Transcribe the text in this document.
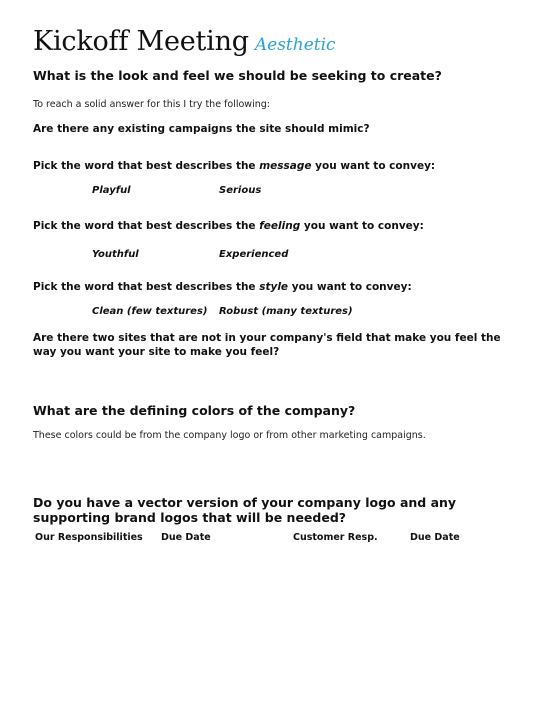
Kickoff Meeting Aesthetic
What is the look and feel we should be seeking to create?
To reach a solid answer for this I try the following:
Are there any existing campaigns the site should mimic?
Pick the word that best describes the message you want to convey:
Playful	Serious
Pick the word that best describes the feeling you want to convey:
Youthful	Experienced
Pick the word that best describes the style you want to convey:
Clean (few textures) Robust (many textures)
Are there two sites that are not in your company's field that make you feel the way you want your site to make you feel?
What are the defining colors of the company?
These colors could be from the company logo or from other marketing campaigns.
Do you have a vector version of your company logo and any supporting brand logos that will be needed?
Our Responsibilities Due Date	Customer Resp.	Due Date
